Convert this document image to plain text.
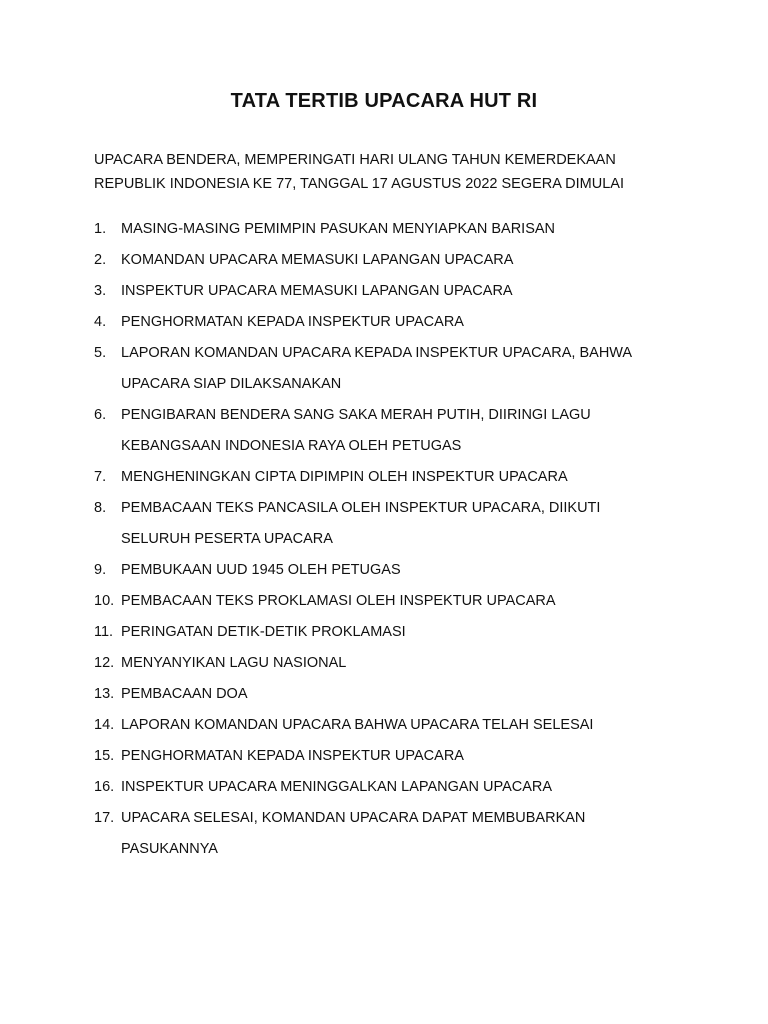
TATA TERTIB UPACARA HUT RI
UPACARA BENDERA, MEMPERINGATI HARI ULANG TAHUN KEMERDEKAAN
REPUBLIK INDONESIA KE 77, TANGGAL 17 AGUSTUS 2022 SEGERA DIMULAI
1.	MASING-MASING PEMIMPIN PASUKAN MENYIAPKAN BARISAN
2.	KOMANDAN UPACARA MEMASUKI LAPANGAN UPACARA
3.	INSPEKTUR UPACARA MEMASUKI LAPANGAN UPACARA
4.	PENGHORMATAN KEPADA INSPEKTUR UPACARA
5.	LAPORAN KOMANDAN UPACARA KEPADA INSPEKTUR UPACARA, BAHWA
UPACARA SIAP DILAKSANAKAN
6.	PENGIBARAN BENDERA SANG SAKA MERAH PUTIH, DIIRINGI LAGU
KEBANGSAAN INDONESIA RAYA OLEH PETUGAS
7.	MENGHENINGKAN CIPTA DIPIMPIN OLEH INSPEKTUR UPACARA
8.	PEMBACAAN TEKS PANCASILA OLEH INSPEKTUR UPACARA, DIIKUTI
SELURUH PESERTA UPACARA
9.	PEMBUKAAN UUD 1945 OLEH PETUGAS
10. PEMBACAAN TEKS PROKLAMASI OLEH INSPEKTUR UPACARA
11. PERINGATAN DETIK-DETIK PROKLAMASI
12. MENYANYIKAN LAGU NASIONAL
13. PEMBACAAN DOA
14. LAPORAN KOMANDAN UPACARA BAHWA UPACARA TELAH SELESAI
15. PENGHORMATAN KEPADA INSPEKTUR UPACARA
16. INSPEKTUR UPACARA MENINGGALKAN LAPANGAN UPACARA
17. UPACARA SELESAI, KOMANDAN UPACARA DAPAT MEMBUBARKAN
PASUKANNYA
